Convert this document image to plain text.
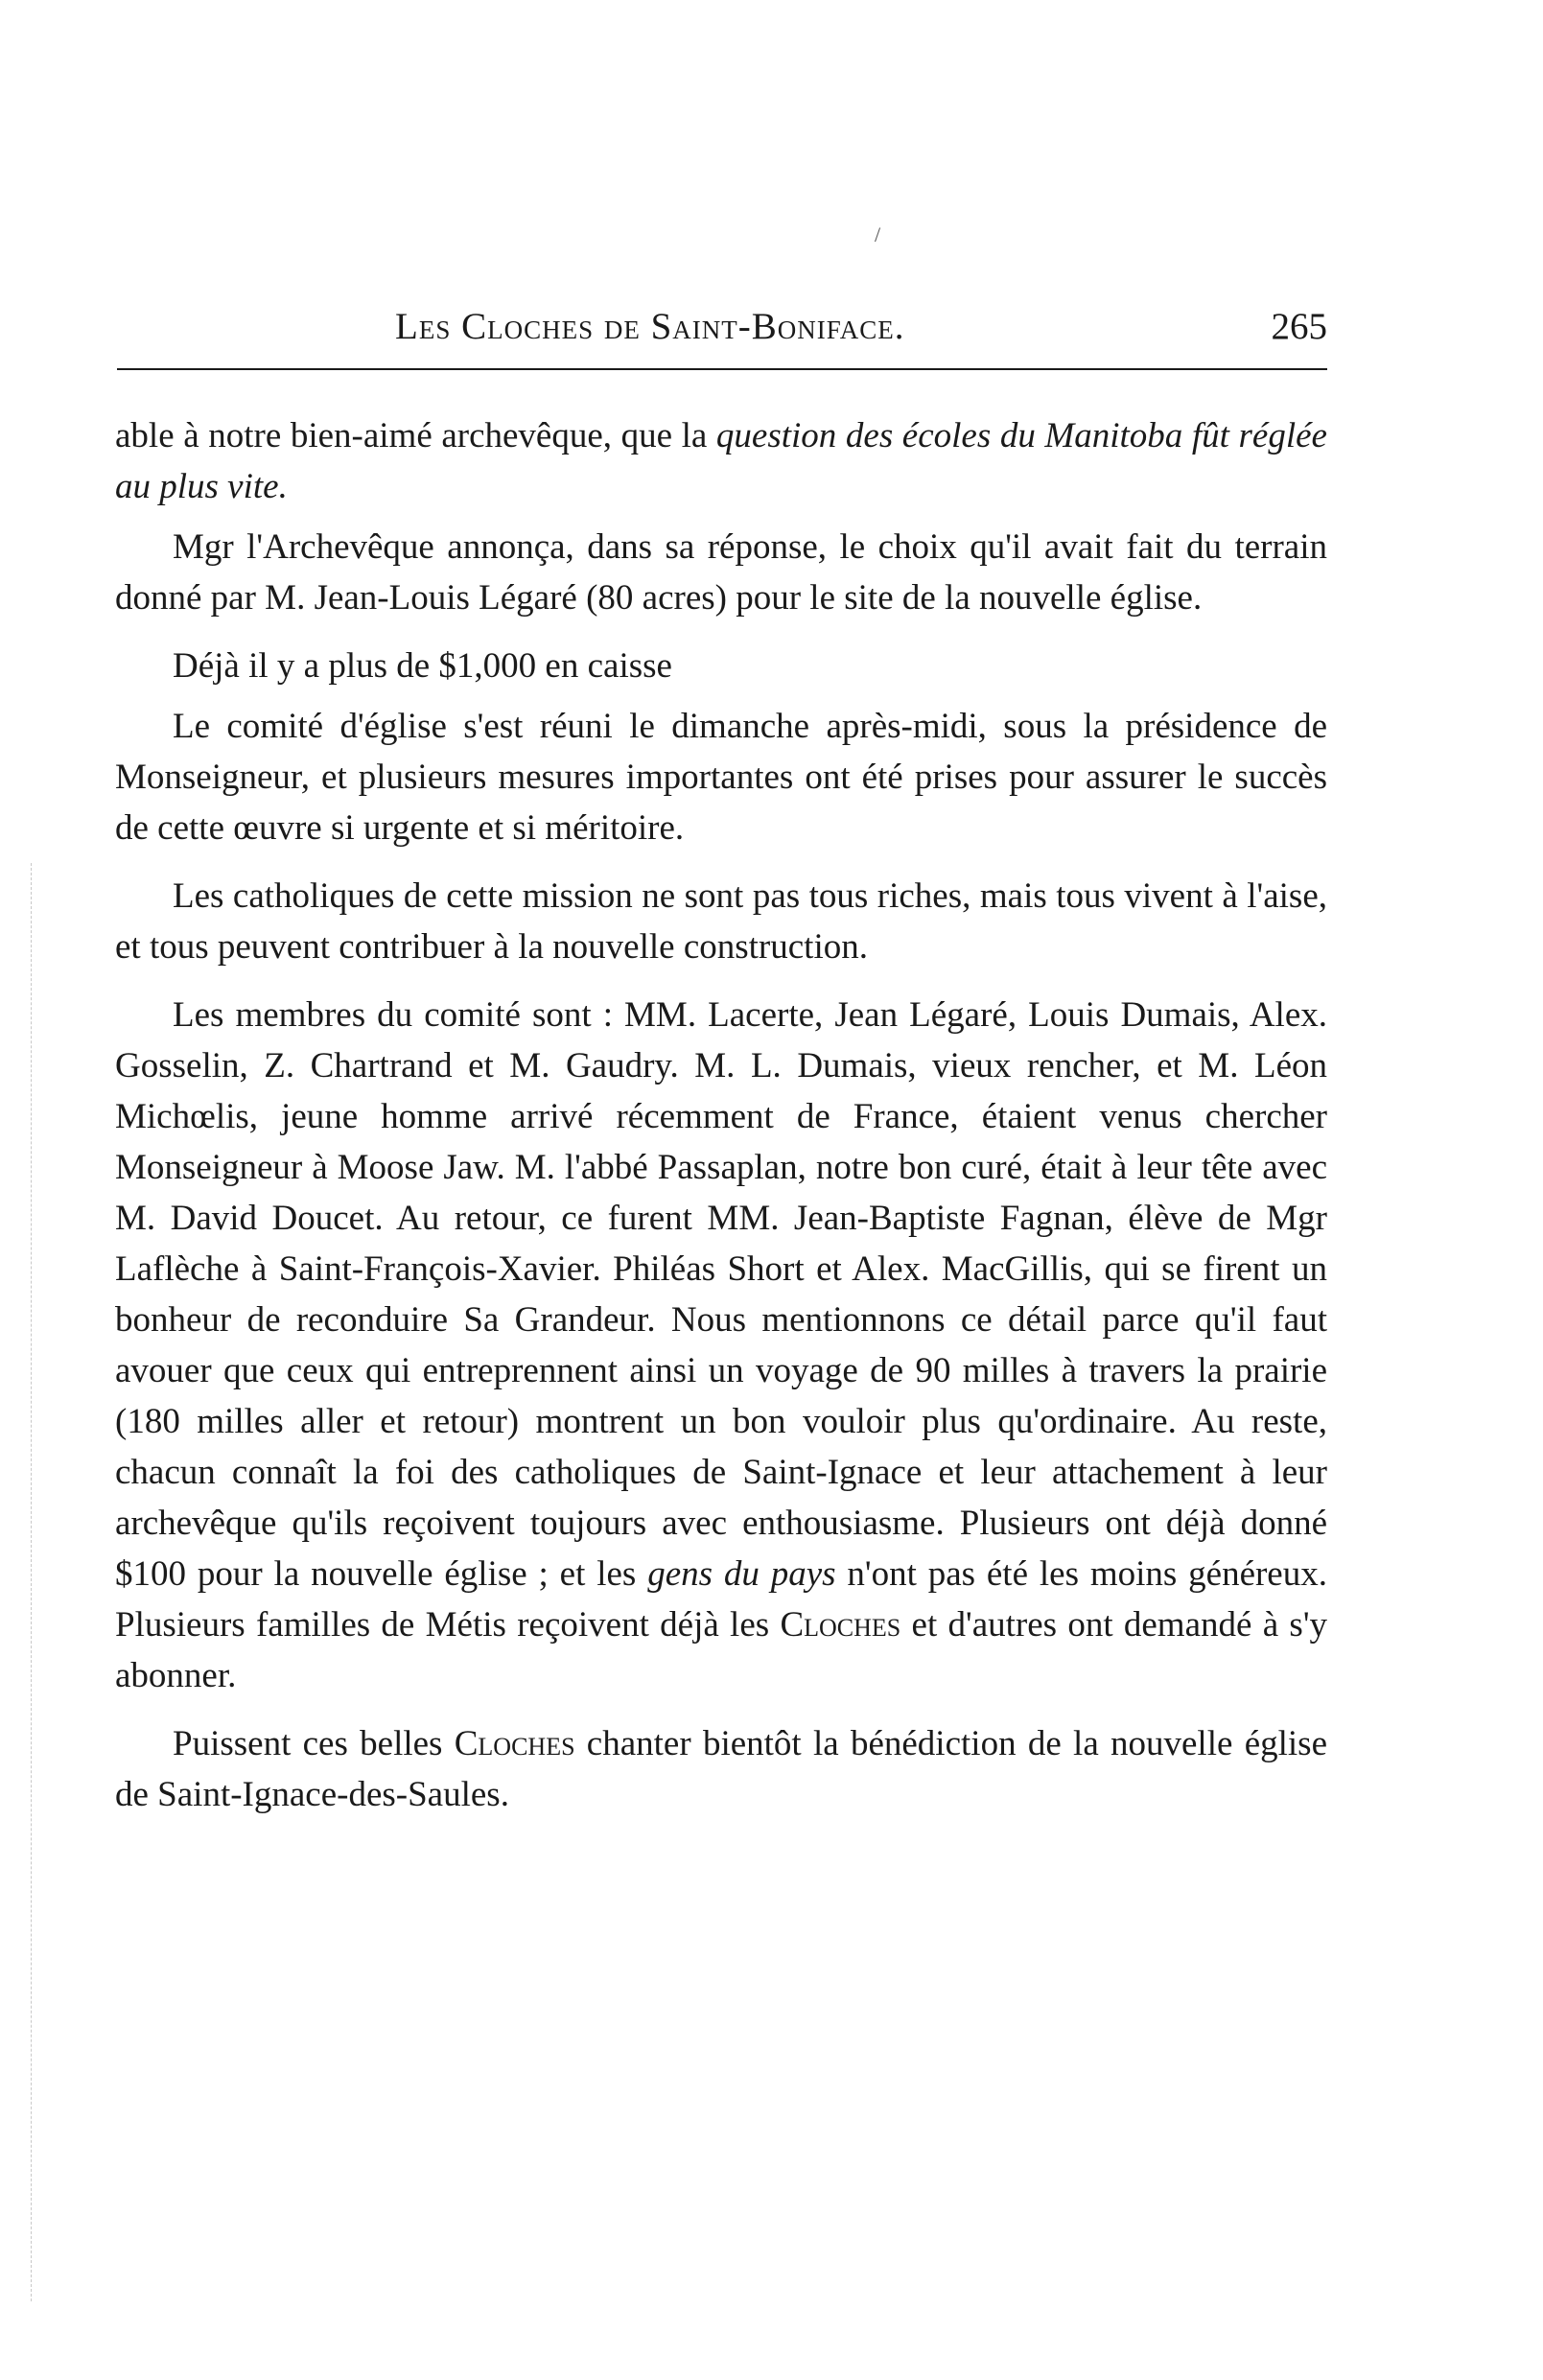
/
Les Cloches de Saint-Boniface.	265

able à notre bien-aimé archevêque, que la question des écoles du Manitoba fût réglée au plus vite.

Mgr l'Archevêque annonça, dans sa réponse, le choix qu'il avait fait du terrain donné par M. Jean-Louis Légaré (80 acres) pour le site de la nouvelle église.

Déjà il y a plus de $1,000 en caisse

Le comité d'église s'est réuni le dimanche après-midi, sous la présidence de Monseigneur, et plusieurs mesures importantes ont été prises pour assurer le succès de cette œuvre si urgente et si méritoire.

Les catholiques de cette mission ne sont pas tous riches, mais tous vivent à l'aise, et tous peuvent contribuer à la nouvelle construction.

Les membres du comité sont : MM. Lacerte, Jean Légaré, Louis Dumais, Alex. Gosselin, Z. Chartrand et M. Gaudry. M. L. Dumais, vieux rencher, et M. Léon Michœlis, jeune homme arrivé récemment de France, étaient venus chercher Monseigneur à Moose Jaw. M. l'abbé Passaplan, notre bon curé, était à leur tête avec M. David Doucet. Au retour, ce furent MM. Jean-Baptiste Fagnan, élève de Mgr Laflèche à Saint-François-Xavier. Philéas Short et Alex. MacGillis, qui se firent un bonheur de reconduire Sa Grandeur. Nous mentionnons ce détail parce qu'il faut avouer que ceux qui entreprennent ainsi un voyage de 90 milles à travers la prairie (180 milles aller et retour) montrent un bon vouloir plus qu'ordinaire. Au reste, chacun connaît la foi des catholiques de Saint-Ignace et leur attachement à leur archevêque qu'ils reçoivent toujours avec enthousiasme. Plusieurs ont déjà donné $100 pour la nouvelle église ; et les gens du pays n'ont pas été les moins généreux. Plusieurs familles de Métis reçoivent déjà les Cloches et d'autres ont demandé à s'y abonner.

Puissent ces belles Cloches chanter bientôt la bénédiction de la nouvelle église de Saint-Ignace-des-Saules.
